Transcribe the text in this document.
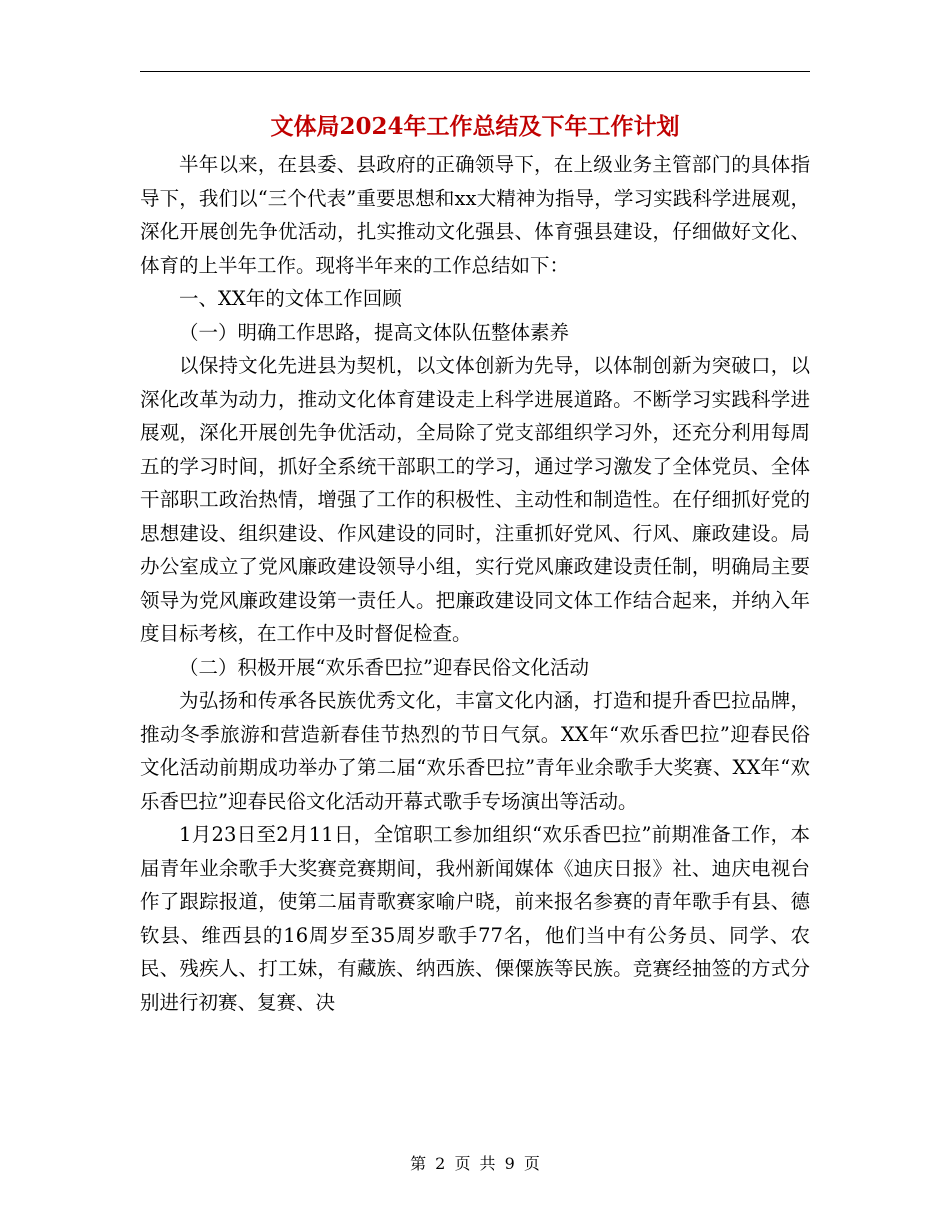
文体局2024年工作总结及下年工作计划

半年以来，在县委、县政府的正确领导下，在上级业务主管部门的具体指导下，我们以“三个代表”重要思想和xx大精神为指导，学习实践科学进展观，深化开展创先争优活动，扎实推动文化强县、体育强县建设，仔细做好文化、体育的上半年工作。现将半年来的工作总结如下：

一、XX年的文体工作回顾

（一）明确工作思路，提高文体队伍整体素养

以保持文化先进县为契机，以文体创新为先导，以体制创新为突破口，以深化改革为动力，推动文化体育建设走上科学进展道路。不断学习实践科学进展观，深化开展创先争优活动，全局除了党支部组织学习外，还充分利用每周五的学习时间，抓好全系统干部职工的学习，通过学习激发了全体党员、全体干部职工政治热情，增强了工作的积极性、主动性和制造性。在仔细抓好党的思想建设、组织建设、作风建设的同时，注重抓好党风、行风、廉政建设。局办公室成立了党风廉政建设领导小组，实行党风廉政建设责任制，明确局主要领导为党风廉政建设第一责任人。把廉政建设同文体工作结合起来，并纳入年度目标考核，在工作中及时督促检查。

（二）积极开展“欢乐香巴拉”迎春民俗文化活动

为弘扬和传承各民族优秀文化，丰富文化内涵，打造和提升香巴拉品牌，推动冬季旅游和营造新春佳节热烈的节日气氛。XX年“欢乐香巴拉”迎春民俗文化活动前期成功举办了第二届“欢乐香巴拉”青年业余歌手大奖赛、XX年“欢乐香巴拉”迎春民俗文化活动开幕式歌手专场演出等活动。

1月23日至2月11日，全馆职工参加组织“欢乐香巴拉”前期准备工作，本届青年业余歌手大奖赛竞赛期间，我州新闻媒体《迪庆日报》社、迪庆电视台作了跟踪报道，使第二届青歌赛家喻户晓，前来报名参赛的青年歌手有县、德钦县、维西县的16周岁至35周岁歌手77名，他们当中有公务员、同学、农民、残疾人、打工妹，有藏族、纳西族、傈僳族等民族。竞赛经抽签的方式分别进行初赛、复赛、决

第 2 页 共 9 页
